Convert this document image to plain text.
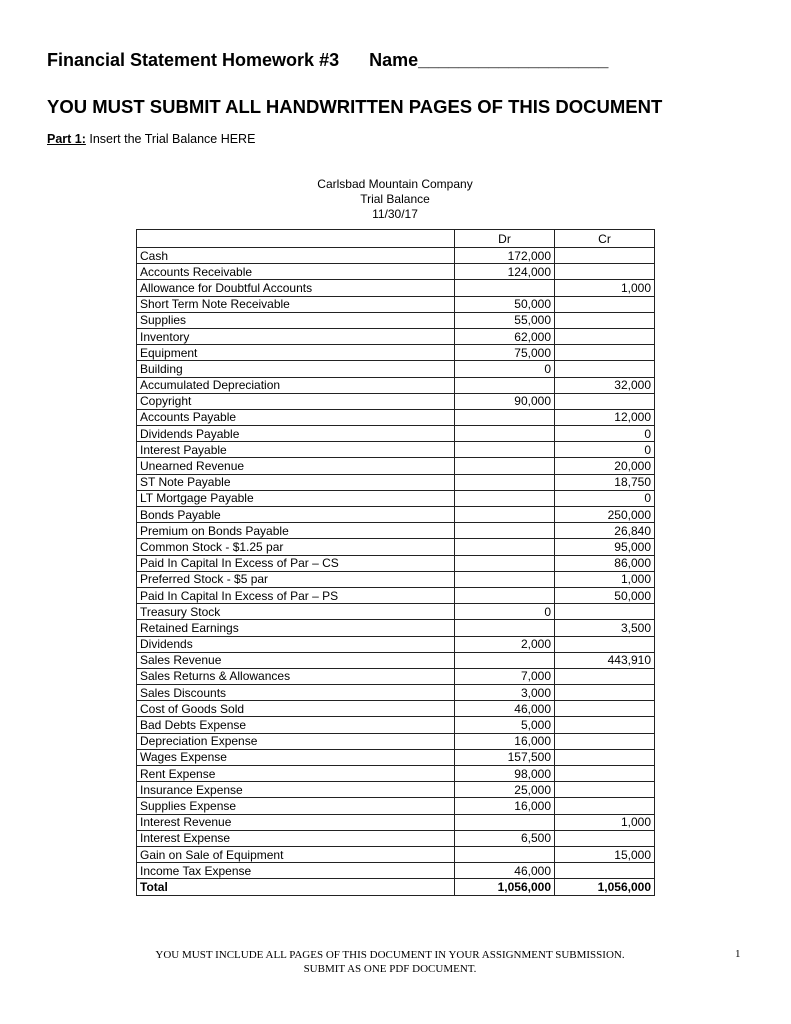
Financial Statement Homework #3 Name___________________
YOU MUST SUBMIT ALL HANDWRITTEN PAGES OF THIS DOCUMENT
Part 1: Insert the Trial Balance HERE
Carlsbad Mountain Company
Trial Balance
11/30/17
	Dr	Cr
Cash	172,000	
Accounts Receivable	124,000	
Allowance for Doubtful Accounts		1,000
Short Term Note Receivable	50,000	
Supplies	55,000	
Inventory	62,000	
Equipment	75,000	
Building	0	
Accumulated Depreciation		32,000
Copyright	90,000	
Accounts Payable		12,000
Dividends Payable		0
Interest Payable		0
Unearned Revenue		20,000
ST Note Payable		18,750
LT Mortgage Payable		0
Bonds Payable		250,000
Premium on Bonds Payable		26,840
Common Stock - $1.25 par		95,000
Paid In Capital In Excess of Par – CS		86,000
Preferred Stock - $5 par		1,000
Paid In Capital In Excess of Par – PS		50,000
Treasury Stock	0	
Retained Earnings		3,500
Dividends	2,000	
Sales Revenue		443,910
Sales Returns & Allowances	7,000	
Sales Discounts	3,000	
Cost of Goods Sold	46,000	
Bad Debts Expense	5,000	
Depreciation Expense	16,000	
Wages Expense	157,500	
Rent Expense	98,000	
Insurance Expense	25,000	
Supplies Expense	16,000	
Interest Revenue		1,000
Interest Expense	6,500	
Gain on Sale of Equipment		15,000
Income Tax Expense	46,000	
Total	1,056,000	1,056,000
YOU MUST INCLUDE ALL PAGES OF THIS DOCUMENT IN YOUR ASSIGNMENT SUBMISSION.
SUBMIT AS ONE PDF DOCUMENT.
1
